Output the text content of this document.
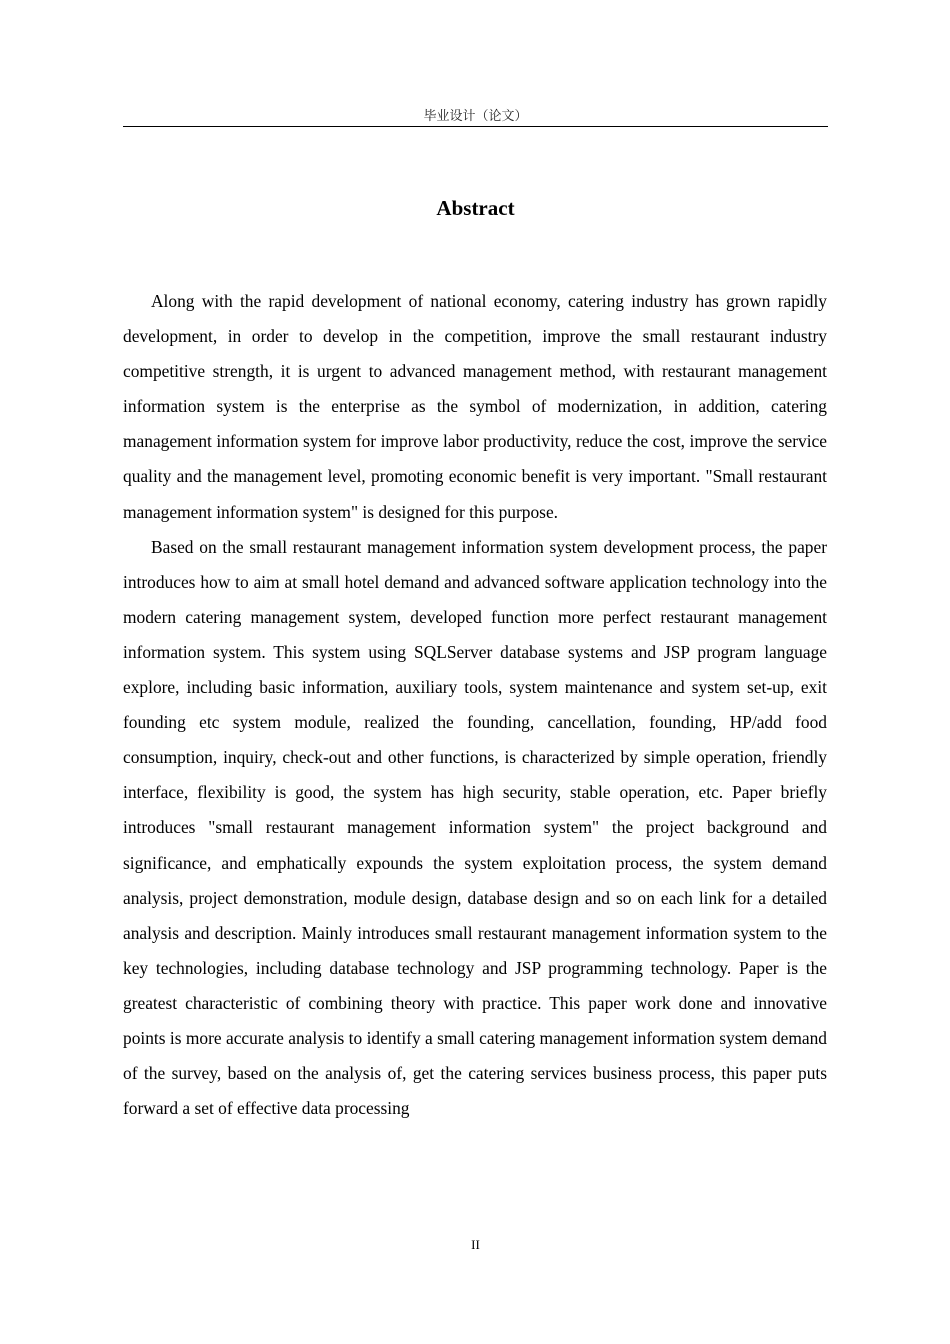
毕业设计（论文）
Abstract

Along with the rapid development of national economy, catering industry has grown rapidly development, in order to develop in the competition, improve the small restaurant industry competitive strength, it is urgent to advanced management method, with restaurant management information system is the enterprise as the symbol of modernization, in addition, catering management information system for improve labor productivity, reduce the cost, improve the service quality and the management level, promoting economic benefit is very important. "Small restaurant management information system" is designed for this purpose.

Based on the small restaurant management information system development process, the paper introduces how to aim at small hotel demand and advanced software application technology into the modern catering management system, developed function more perfect restaurant management information system. This system using SQLServer database systems and JSP program language explore, including basic information, auxiliary tools, system maintenance and system set-up, exit founding etc system module, realized the founding, cancellation, founding, HP/add food consumption, inquiry, check-out and other functions, is characterized by simple operation, friendly interface, flexibility is good, the system has high security, stable operation, etc. Paper briefly introduces "small restaurant management information system" the project background and significance, and emphatically expounds the system exploitation process, the system demand analysis, project demonstration, module design, database design and so on each link for a detailed analysis and description. Mainly introduces small restaurant management information system to the key technologies, including database technology and JSP programming technology. Paper is the greatest characteristic of combining theory with practice. This paper work done and innovative points is more accurate analysis to identify a small catering management information system demand of the survey, based on the analysis of, get the catering services business process, this paper puts forward a set of effective data processing

II
